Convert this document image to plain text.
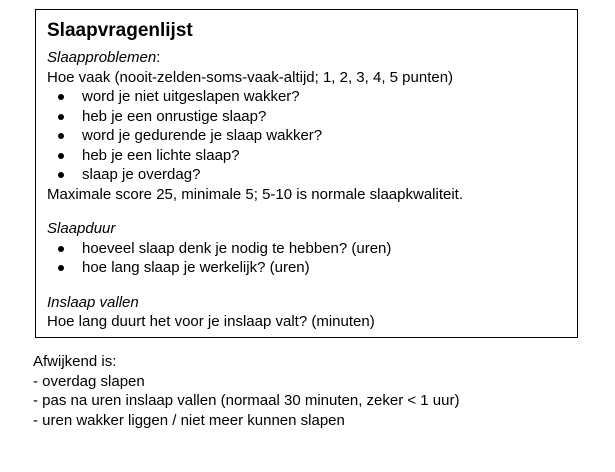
Slaapvragenlijst
Slaapproblemen:
Hoe vaak (nooit-zelden-soms-vaak-altijd; 1, 2, 3, 4, 5 punten)
word je niet uitgeslapen wakker?
heb je een onrustige slaap?
word je gedurende je slaap wakker?
heb je een lichte slaap?
slaap je overdag?
Maximale score 25, minimale 5; 5-10 is normale slaapkwaliteit.
Slaapduur
hoeveel slaap denk je nodig te hebben? (uren)
hoe lang slaap je werkelijk? (uren)
Inslaap vallen
Hoe lang duurt het voor je inslaap valt? (minuten)
Afwijkend is:
- overdag slapen
- pas na uren inslaap vallen (normaal 30 minuten, zeker < 1 uur)
- uren wakker liggen / niet meer kunnen slapen
